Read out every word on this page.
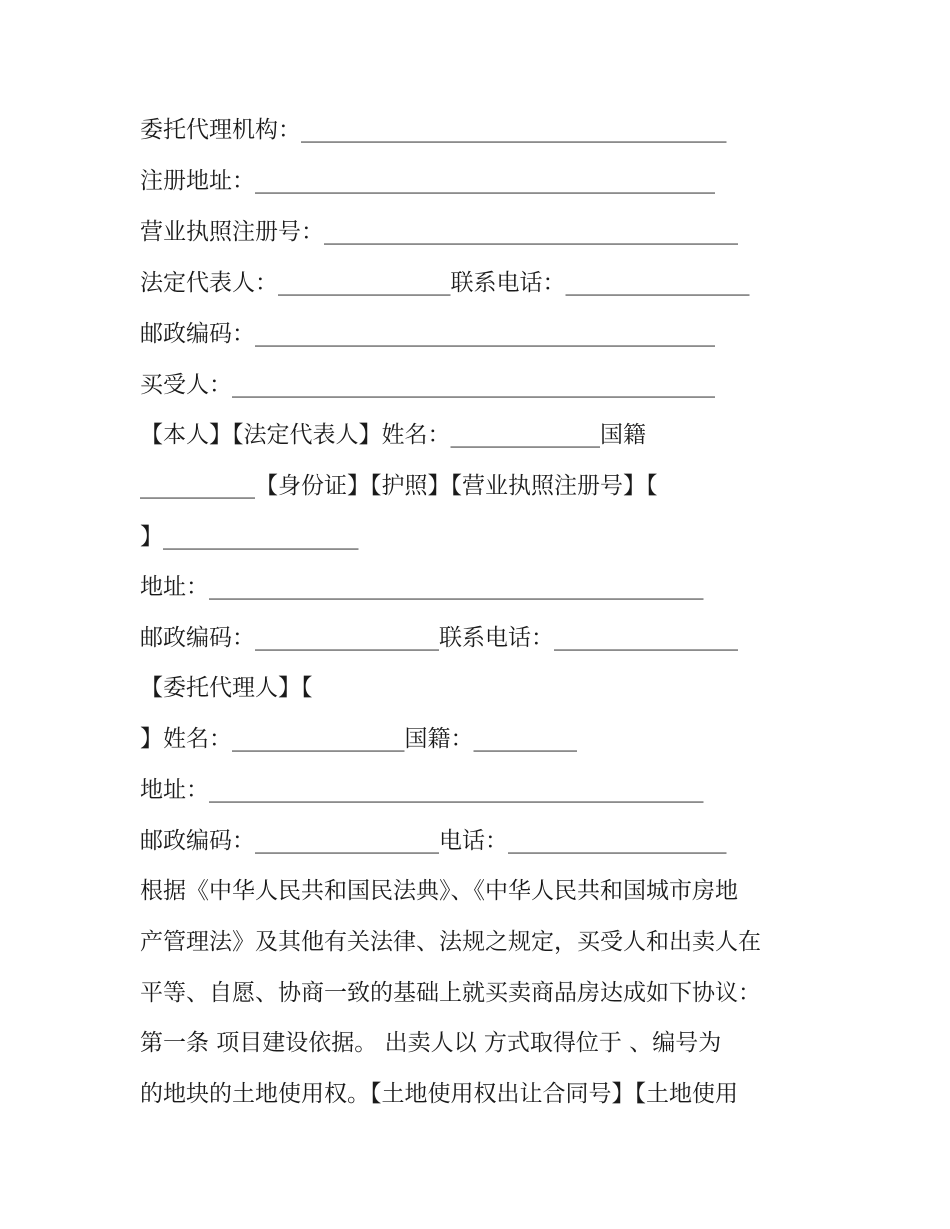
委托代理机构：_____________________________________
注册地址：________________________________________
营业执照注册号：____________________________________
法定代表人：_______________联系电话：________________
邮政编码：________________________________________
买受人：__________________________________________
【本人】【法定代表人】姓名：_____________国籍
__________【身份证】【护照】【营业执照注册号】【
】_________________
地址：___________________________________________
邮政编码：________________联系电话：________________
【委托代理人】【
】姓名：_______________国籍：_________
地址：___________________________________________
邮政编码：________________电话：___________________
根据《中华人民共和国民法典》、《中华人民共和国城市房地
产管理法》及其他有关法律、法规之规定，买受人和出卖人在
平等、自愿、协商一致的基础上就买卖商品房达成如下协议：
第一条 项目建设依据。 出卖人以 方式取得位于 、编号为
的地块的土地使用权。【土地使用权出让合同号】【土地使用
